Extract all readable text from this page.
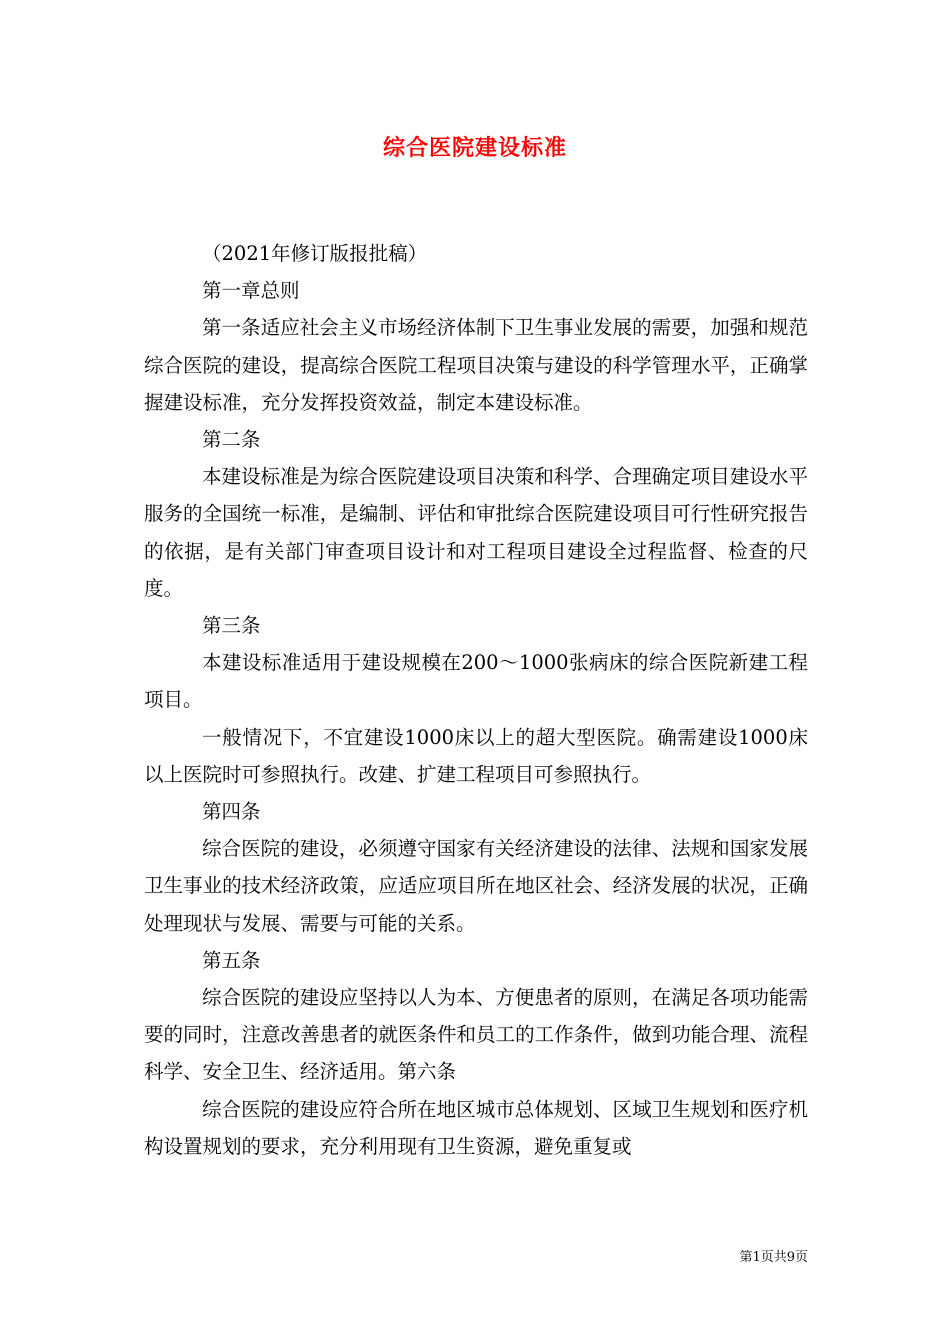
综合医院建设标准

（2021年修订版报批稿）

第一章总则

第一条适应社会主义市场经济体制下卫生事业发展的需要，加强和规范综合医院的建设，提高综合医院工程项目决策与建设的科学管理水平，正确掌握建设标准，充分发挥投资效益，制定本建设标准。

第二条

本建设标准是为综合医院建设项目决策和科学、合理确定项目建设水平服务的全国统一标准，是编制、评估和审批综合医院建设项目可行性研究报告的依据，是有关部门审查项目设计和对工程项目建设全过程监督、检查的尺度。

第三条

本建设标准适用于建设规模在200～1000张病床的综合医院新建工程项目。

一般情况下，不宜建设1000床以上的超大型医院。确需建设1000床以上医院时可参照执行。改建、扩建工程项目可参照执行。

第四条

综合医院的建设，必须遵守国家有关经济建设的法律、法规和国家发展卫生事业的技术经济政策，应适应项目所在地区社会、经济发展的状况，正确处理现状与发展、需要与可能的关系。

第五条

综合医院的建设应坚持以人为本、方便患者的原则，在满足各项功能需要的同时，注意改善患者的就医条件和员工的工作条件，做到功能合理、流程科学、安全卫生、经济适用。第六条

综合医院的建设应符合所在地区城市总体规划、区域卫生规划和医疗机构设置规划的要求，充分利用现有卫生资源，避免重复或

第1页共9页
